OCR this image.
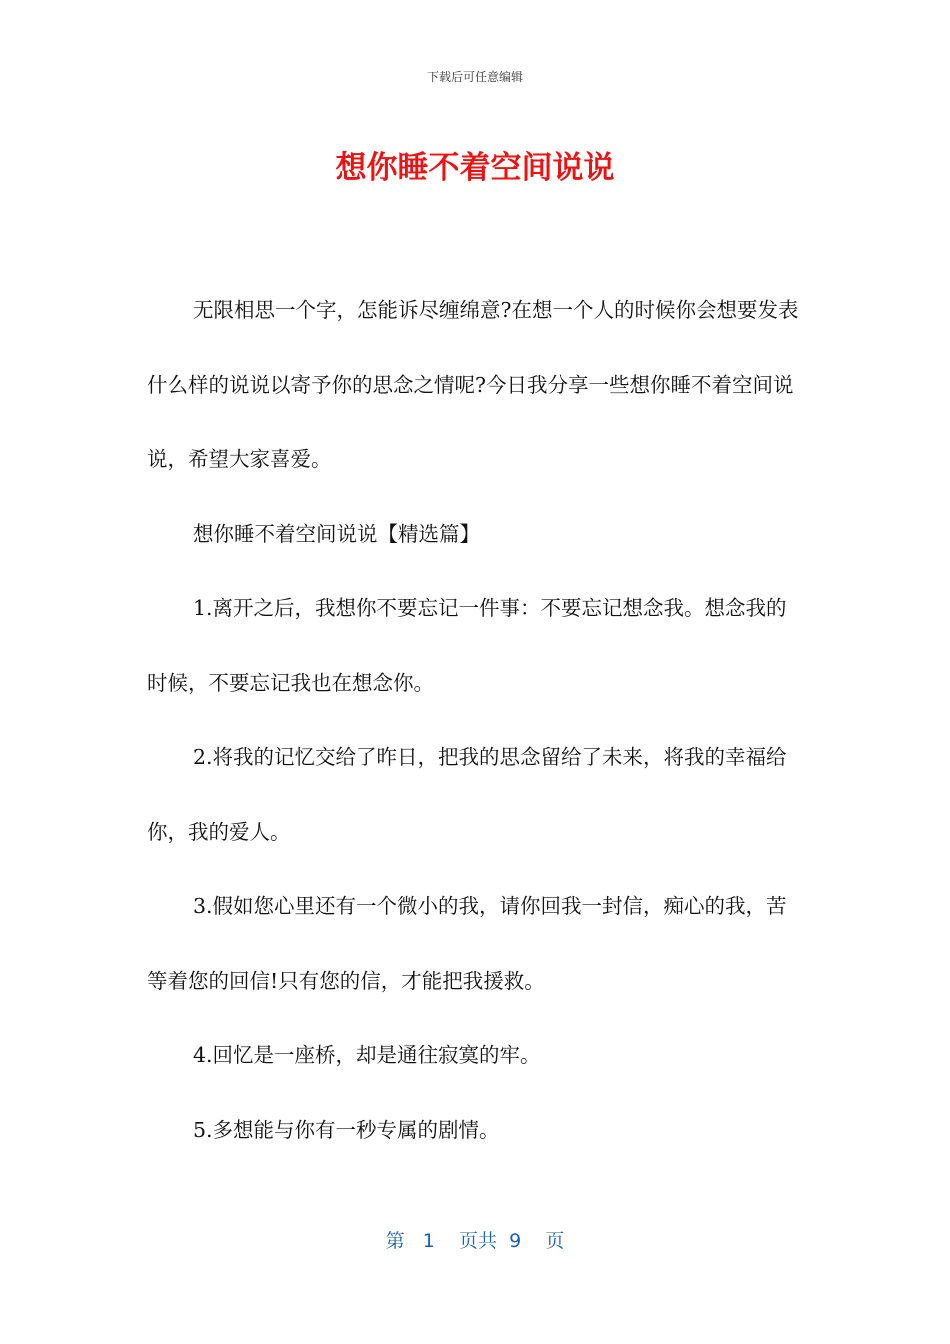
下载后可任意编辑
想你睡不着空间说说

无限相思一个字，怎能诉尽缠绵意?在想一个人的时候你会想要发表什么样的说说以寄予你的思念之情呢?今日我分享一些想你睡不着空间说说，希望大家喜爱。

想你睡不着空间说说【精选篇】

1.离开之后，我想你不要忘记一件事：不要忘记想念我。想念我的时候，不要忘记我也在想念你。

2.将我的记忆交给了昨日，把我的思念留给了未来，将我的幸福给你，我的爱人。

3.假如您心里还有一个微小的我，请你回我一封信，痴心的我，苦等着您的回信!只有您的信，才能把我援救。

4.回忆是一座桥，却是通往寂寞的牢。

5.多想能与你有一秒专属的剧情。

第 1 页共 9 页
